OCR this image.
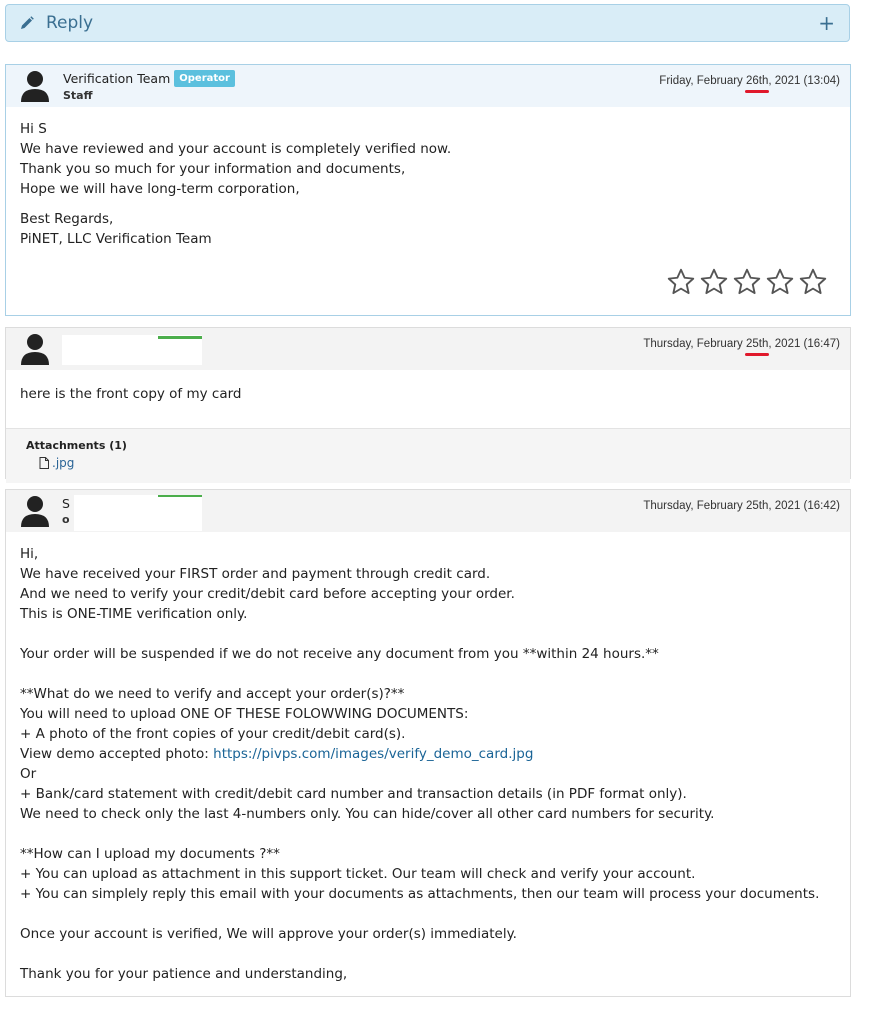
Reply	+
Verification Team Operator
Staff
Friday, February 26th, 2021 (13:04)

Hi S

We have reviewed and your account is completely verified now.

Thank you so much for your information and documents,

Hope we will have long-term corporation,

Best Regards,

PiNET, LLC Verification Team

Thursday, February 25th, 2021 (16:47)

here is the front copy of my card

Attachments (1)
.jpg
S
o
Thursday, February 25th, 2021 (16:42)

Hi,

We have received your FIRST order and payment through credit card.

And we need to verify your credit/debit card before accepting your order.

This is ONE-TIME verification only.

Your order will be suspended if we do not receive any document from you **within 24 hours.**

**What do we need to verify and accept your order(s)?**

You will need to upload ONE OF THESE FOLOWWING DOCUMENTS:

+ A photo of the front copies of your credit/debit card(s).

View demo accepted photo: https://pivps.com/images/verify_demo_card.jpg

Or

+ Bank/card statement with credit/debit card number and transaction details (in PDF format only).

We need to check only the last 4-numbers only. You can hide/cover all other card numbers for security.

**How can I upload my documents ?**

+ You can upload as attachment in this support ticket. Our team will check and verify your account.

+ You can simplely reply this email with your documents as attachments, then our team will process your documents.

Once your account is verified, We will approve your order(s) immediately.

Thank you for your patience and understanding,
